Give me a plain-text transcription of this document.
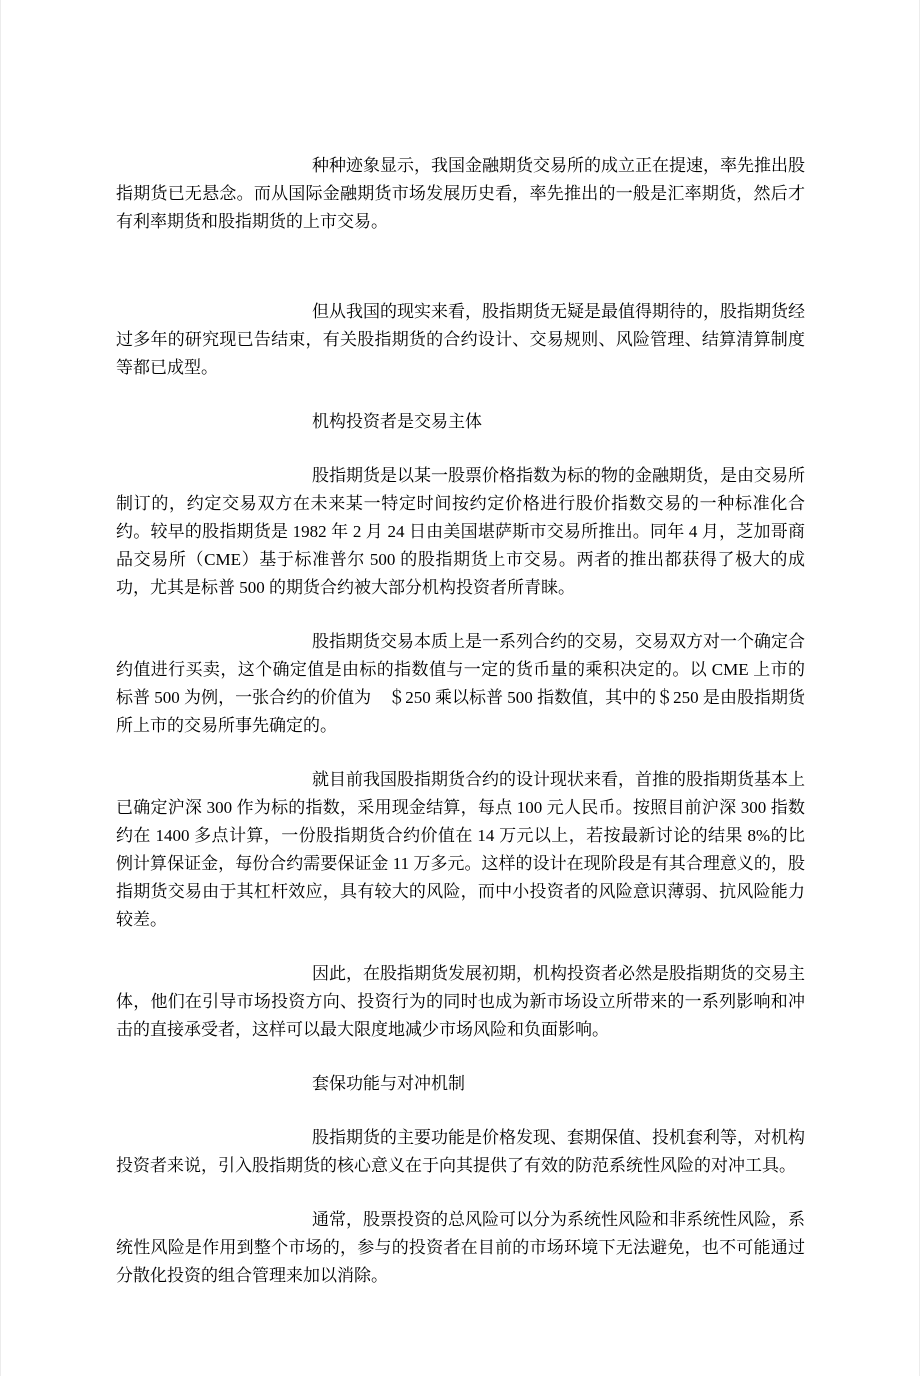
种种迹象显示，我国金融期货交易所的成立正在提速，率先推出股指期货已无悬念。而从国际金融期货市场发展历史看，率先推出的一般是汇率期货，然后才有利率期货和股指期货的上市交易。

但从我国的现实来看，股指期货无疑是最值得期待的，股指期货经过多年的研究现已告结束，有关股指期货的合约设计、交易规则、风险管理、结算清算制度等都已成型。

机构投资者是交易主体

股指期货是以某一股票价格指数为标的物的金融期货，是由交易所制订的，约定交易双方在未来某一特定时间按约定价格进行股价指数交易的一种标准化合约。较早的股指期货是 1982 年 2 月 24 日由美国堪萨斯市交易所推出。同年 4 月，芝加哥商品交易所（CME）基于标准普尔 500 的股指期货上市交易。两者的推出都获得了极大的成功，尤其是标普 500 的期货合约被大部分机构投资者所青睐。

股指期货交易本质上是一系列合约的交易，交易双方对一个确定合约值进行买卖，这个确定值是由标的指数值与一定的货币量的乘积决定的。以 CME 上市的标普 500 为例，一张合约的价值为　＄250 乘以标普 500 指数值，其中的＄250 是由股指期货所上市的交易所事先确定的。

就目前我国股指期货合约的设计现状来看，首推的股指期货基本上已确定沪深 300 作为标的指数，采用现金结算，每点 100 元人民币。按照目前沪深 300 指数约在 1400 多点计算，一份股指期货合约价值在 14 万元以上，若按最新讨论的结果 8%的比例计算保证金，每份合约需要保证金 11 万多元。这样的设计在现阶段是有其合理意义的，股指期货交易由于其杠杆效应，具有较大的风险，而中小投资者的风险意识薄弱、抗风险能力较差。

因此，在股指期货发展初期，机构投资者必然是股指期货的交易主体，他们在引导市场投资方向、投资行为的同时也成为新市场设立所带来的一系列影响和冲击的直接承受者，这样可以最大限度地减少市场风险和负面影响。

套保功能与对冲机制

股指期货的主要功能是价格发现、套期保值、投机套利等，对机构投资者来说，引入股指期货的核心意义在于向其提供了有效的防范系统性风险的对冲工具。

通常，股票投资的总风险可以分为系统性风险和非系统性风险，系统性风险是作用到整个市场的，参与的投资者在目前的市场环境下无法避免，也不可能通过分散化投资的组合管理来加以消除。
